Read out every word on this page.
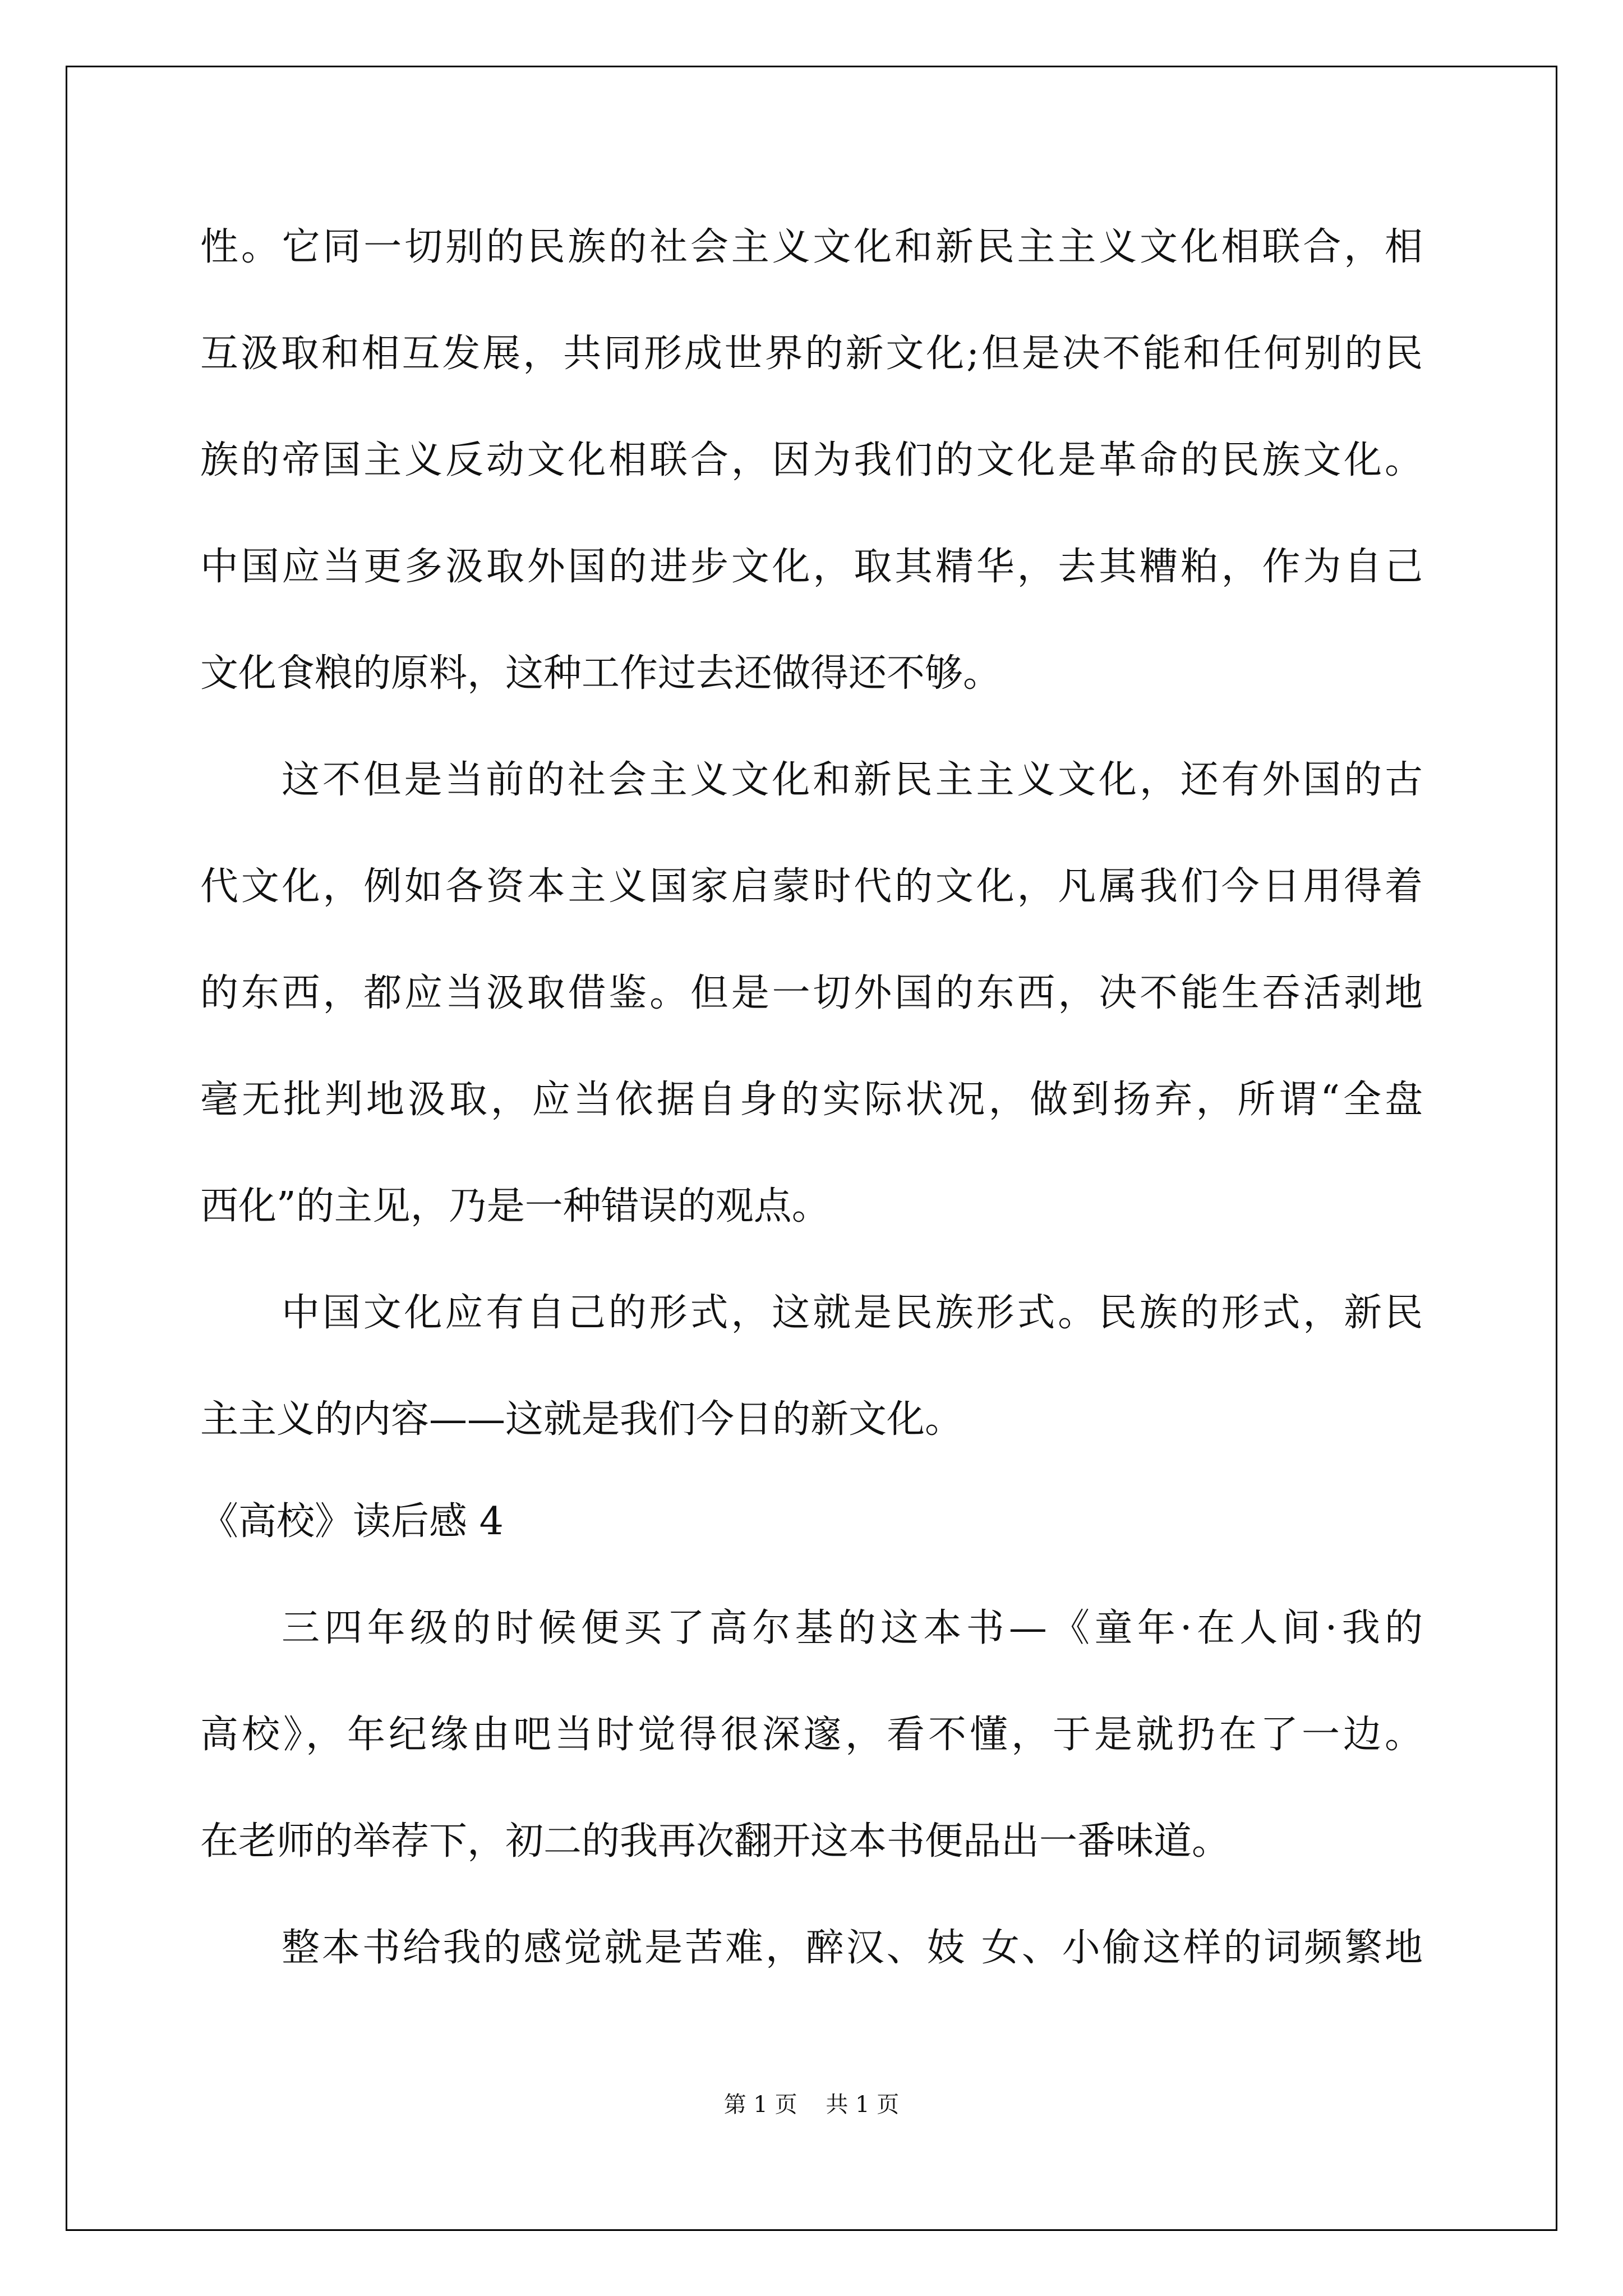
性。它同一切别的民族的社会主义文化和新民主主义文化相联合，相
互汲取和相互发展，共同形成世界的新文化;但是决不能和任何别的民
族的帝国主义反动文化相联合，因为我们的文化是革命的民族文化。
中国应当更多汲取外国的进步文化，取其精华，去其糟粕，作为自己
文化食粮的原料，这种工作过去还做得还不够。
这不但是当前的社会主义文化和新民主主义文化，还有外国的古
代文化，例如各资本主义国家启蒙时代的文化，凡属我们今日用得着
的东西，都应当汲取借鉴。但是一切外国的东西，决不能生吞活剥地
毫无批判地汲取，应当依据自身的实际状况，做到扬弃，所谓“全盘
西化”的主见，乃是一种错误的观点。
中国文化应有自己的形式，这就是民族形式。民族的形式，新民
主主义的内容——这就是我们今日的新文化。
《高校》读后感 4
三四年级的时候便买了高尔基的这本书—《童年·在人间·我的
高校》，年纪缘由吧当时觉得很深邃，看不懂，于是就扔在了一边。
在老师的举荐下，初二的我再次翻开这本书便品出一番味道。
整本书给我的感觉就是苦难，醉汉、妓 女、小偷这样的词频繁地
第 1 页    共 1 页
